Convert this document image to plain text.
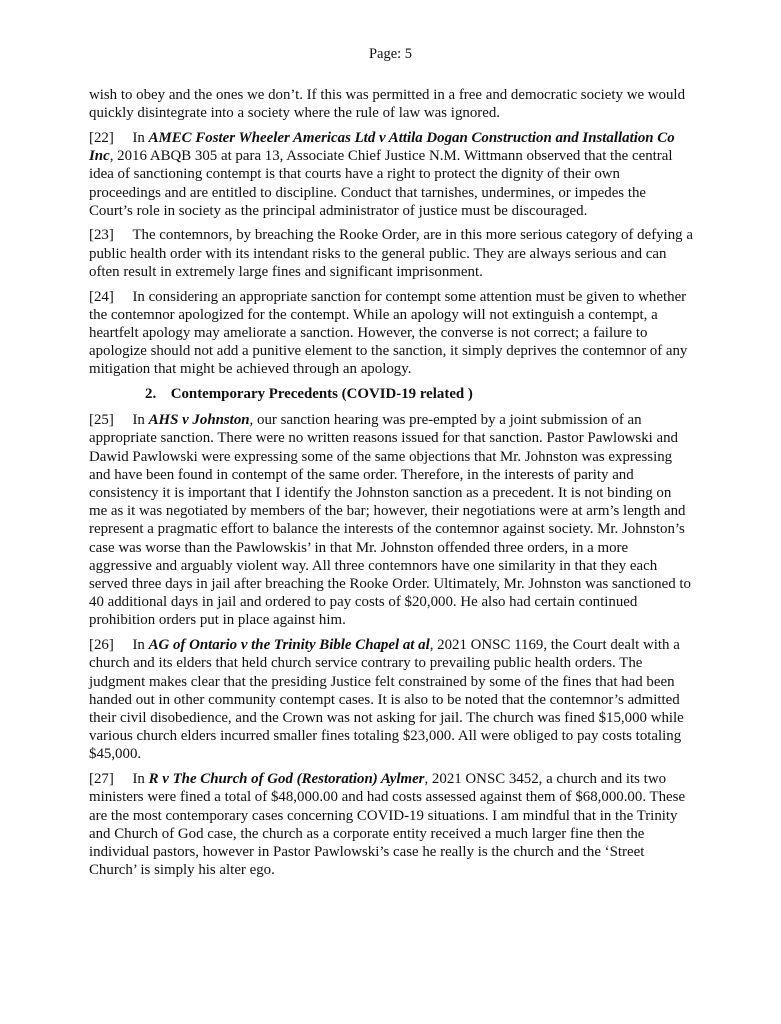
Page: 5

wish to obey and the ones we don’t. If this was permitted in a free and democratic society we would quickly disintegrate into a society where the rule of law was ignored.

[22] In AMEC Foster Wheeler Americas Ltd v Attila Dogan Construction and Installation Co Inc, 2016 ABQB 305 at para 13, Associate Chief Justice N.M. Wittmann observed that the central idea of sanctioning contempt is that courts have a right to protect the dignity of their own proceedings and are entitled to discipline. Conduct that tarnishes, undermines, or impedes the Court’s role in society as the principal administrator of justice must be discouraged.

[23] The contemnors, by breaching the Rooke Order, are in this more serious category of defying a public health order with its intendant risks to the general public. They are always serious and can often result in extremely large fines and significant imprisonment.

[24] In considering an appropriate sanction for contempt some attention must be given to whether the contemnor apologized for the contempt. While an apology will not extinguish a contempt, a heartfelt apology may ameliorate a sanction. However, the converse is not correct; a failure to apologize should not add a punitive element to the sanction, it simply deprives the contemnor of any mitigation that might be achieved through an apology.

2. Contemporary Precedents (COVID-19 related )

[25] In AHS v Johnston, our sanction hearing was pre-empted by a joint submission of an appropriate sanction. There were no written reasons issued for that sanction. Pastor Pawlowski and Dawid Pawlowski were expressing some of the same objections that Mr. Johnston was expressing and have been found in contempt of the same order. Therefore, in the interests of parity and consistency it is important that I identify the Johnston sanction as a precedent. It is not binding on me as it was negotiated by members of the bar; however, their negotiations were at arm’s length and represent a pragmatic effort to balance the interests of the contemnor against society. Mr. Johnston’s case was worse than the Pawlowskis’ in that Mr. Johnston offended three orders, in a more aggressive and arguably violent way. All three contemnors have one similarity in that they each served three days in jail after breaching the Rooke Order. Ultimately, Mr. Johnston was sanctioned to 40 additional days in jail and ordered to pay costs of $20,000. He also had certain continued prohibition orders put in place against him.

[26] In AG of Ontario v the Trinity Bible Chapel at al, 2021 ONSC 1169, the Court dealt with a church and its elders that held church service contrary to prevailing public health orders. The judgment makes clear that the presiding Justice felt constrained by some of the fines that had been handed out in other community contempt cases. It is also to be noted that the contemnor’s admitted their civil disobedience, and the Crown was not asking for jail. The church was fined $15,000 while various church elders incurred smaller fines totaling $23,000. All were obliged to pay costs totaling $45,000.

[27] In R v The Church of God (Restoration) Aylmer, 2021 ONSC 3452, a church and its two ministers were fined a total of $48,000.00 and had costs assessed against them of $68,000.00. These are the most contemporary cases concerning COVID-19 situations. I am mindful that in the Trinity and Church of God case, the church as a corporate entity received a much larger fine then the individual pastors, however in Pastor Pawlowski’s case he really is the church and the ‘Street Church’ is simply his alter ego.
